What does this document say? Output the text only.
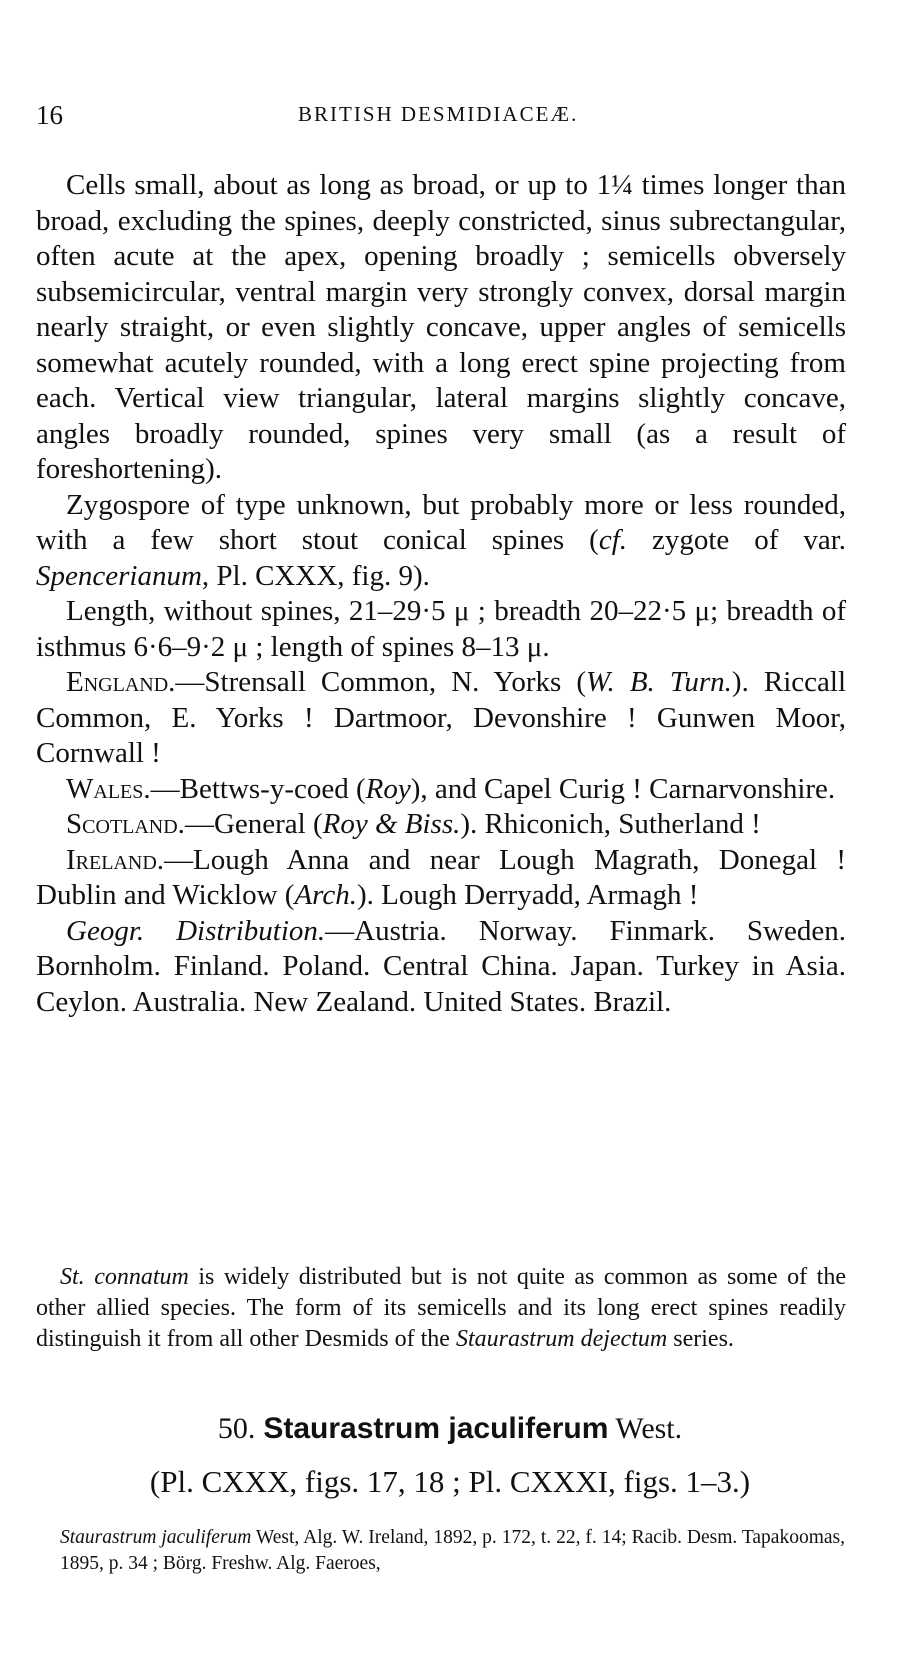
16	BRITISH DESMIDIACEÆ.

Cells small, about as long as broad, or up to 1¼ times longer than broad, excluding the spines, deeply constricted, sinus subrectangular, often acute at the apex, opening broadly ; semicells obversely subsemicircular, ventral margin very strongly convex, dorsal margin nearly straight, or even slightly concave, upper angles of semicells somewhat acutely rounded, with a long erect spine projecting from each. Vertical view triangular, lateral margins slightly concave, angles broadly rounded, spines very small (as a result of foreshortening).

Zygospore of type unknown, but probably more or less rounded, with a few short stout conical spines (cf. zygote of var. Spencerianum, Pl. CXXX, fig. 9).

Length, without spines, 21–29·5 μ ; breadth 20–22·5 μ; breadth of isthmus 6·6–9·2 μ ; length of spines 8–13 μ.

England.—Strensall Common, N. Yorks (W. B. Turn.). Riccall Common, E. Yorks ! Dartmoor, Devonshire ! Gunwen Moor, Cornwall !

Wales.—Bettws-y-coed (Roy), and Capel Curig ! Carnarvonshire.

Scotland.—General (Roy & Biss.). Rhiconich, Sutherland !

Ireland.—Lough Anna and near Lough Magrath, Donegal ! Dublin and Wicklow (Arch.). Lough Derryadd, Armagh !

Geogr. Distribution.—Austria. Norway. Finmark. Sweden. Bornholm. Finland. Poland. Central China. Japan. Turkey in Asia. Ceylon. Australia. New Zealand. United States. Brazil.

St. connatum is widely distributed but is not quite as common as some of the other allied species. The form of its semicells and its long erect spines readily distinguish it from all other Desmids of the Staurastrum dejectum series.
50. Staurastrum jaculiferum West.
(Pl. CXXX, figs. 17, 18 ; Pl. CXXXI, figs. 1–3.)
Staurastrum jaculiferum West, Alg. W. Ireland, 1892, p. 172, t. 22, f. 14; Racib. Desm. Tapakoomas, 1895, p. 34 ; Börg. Freshw. Alg. Faeroes,
